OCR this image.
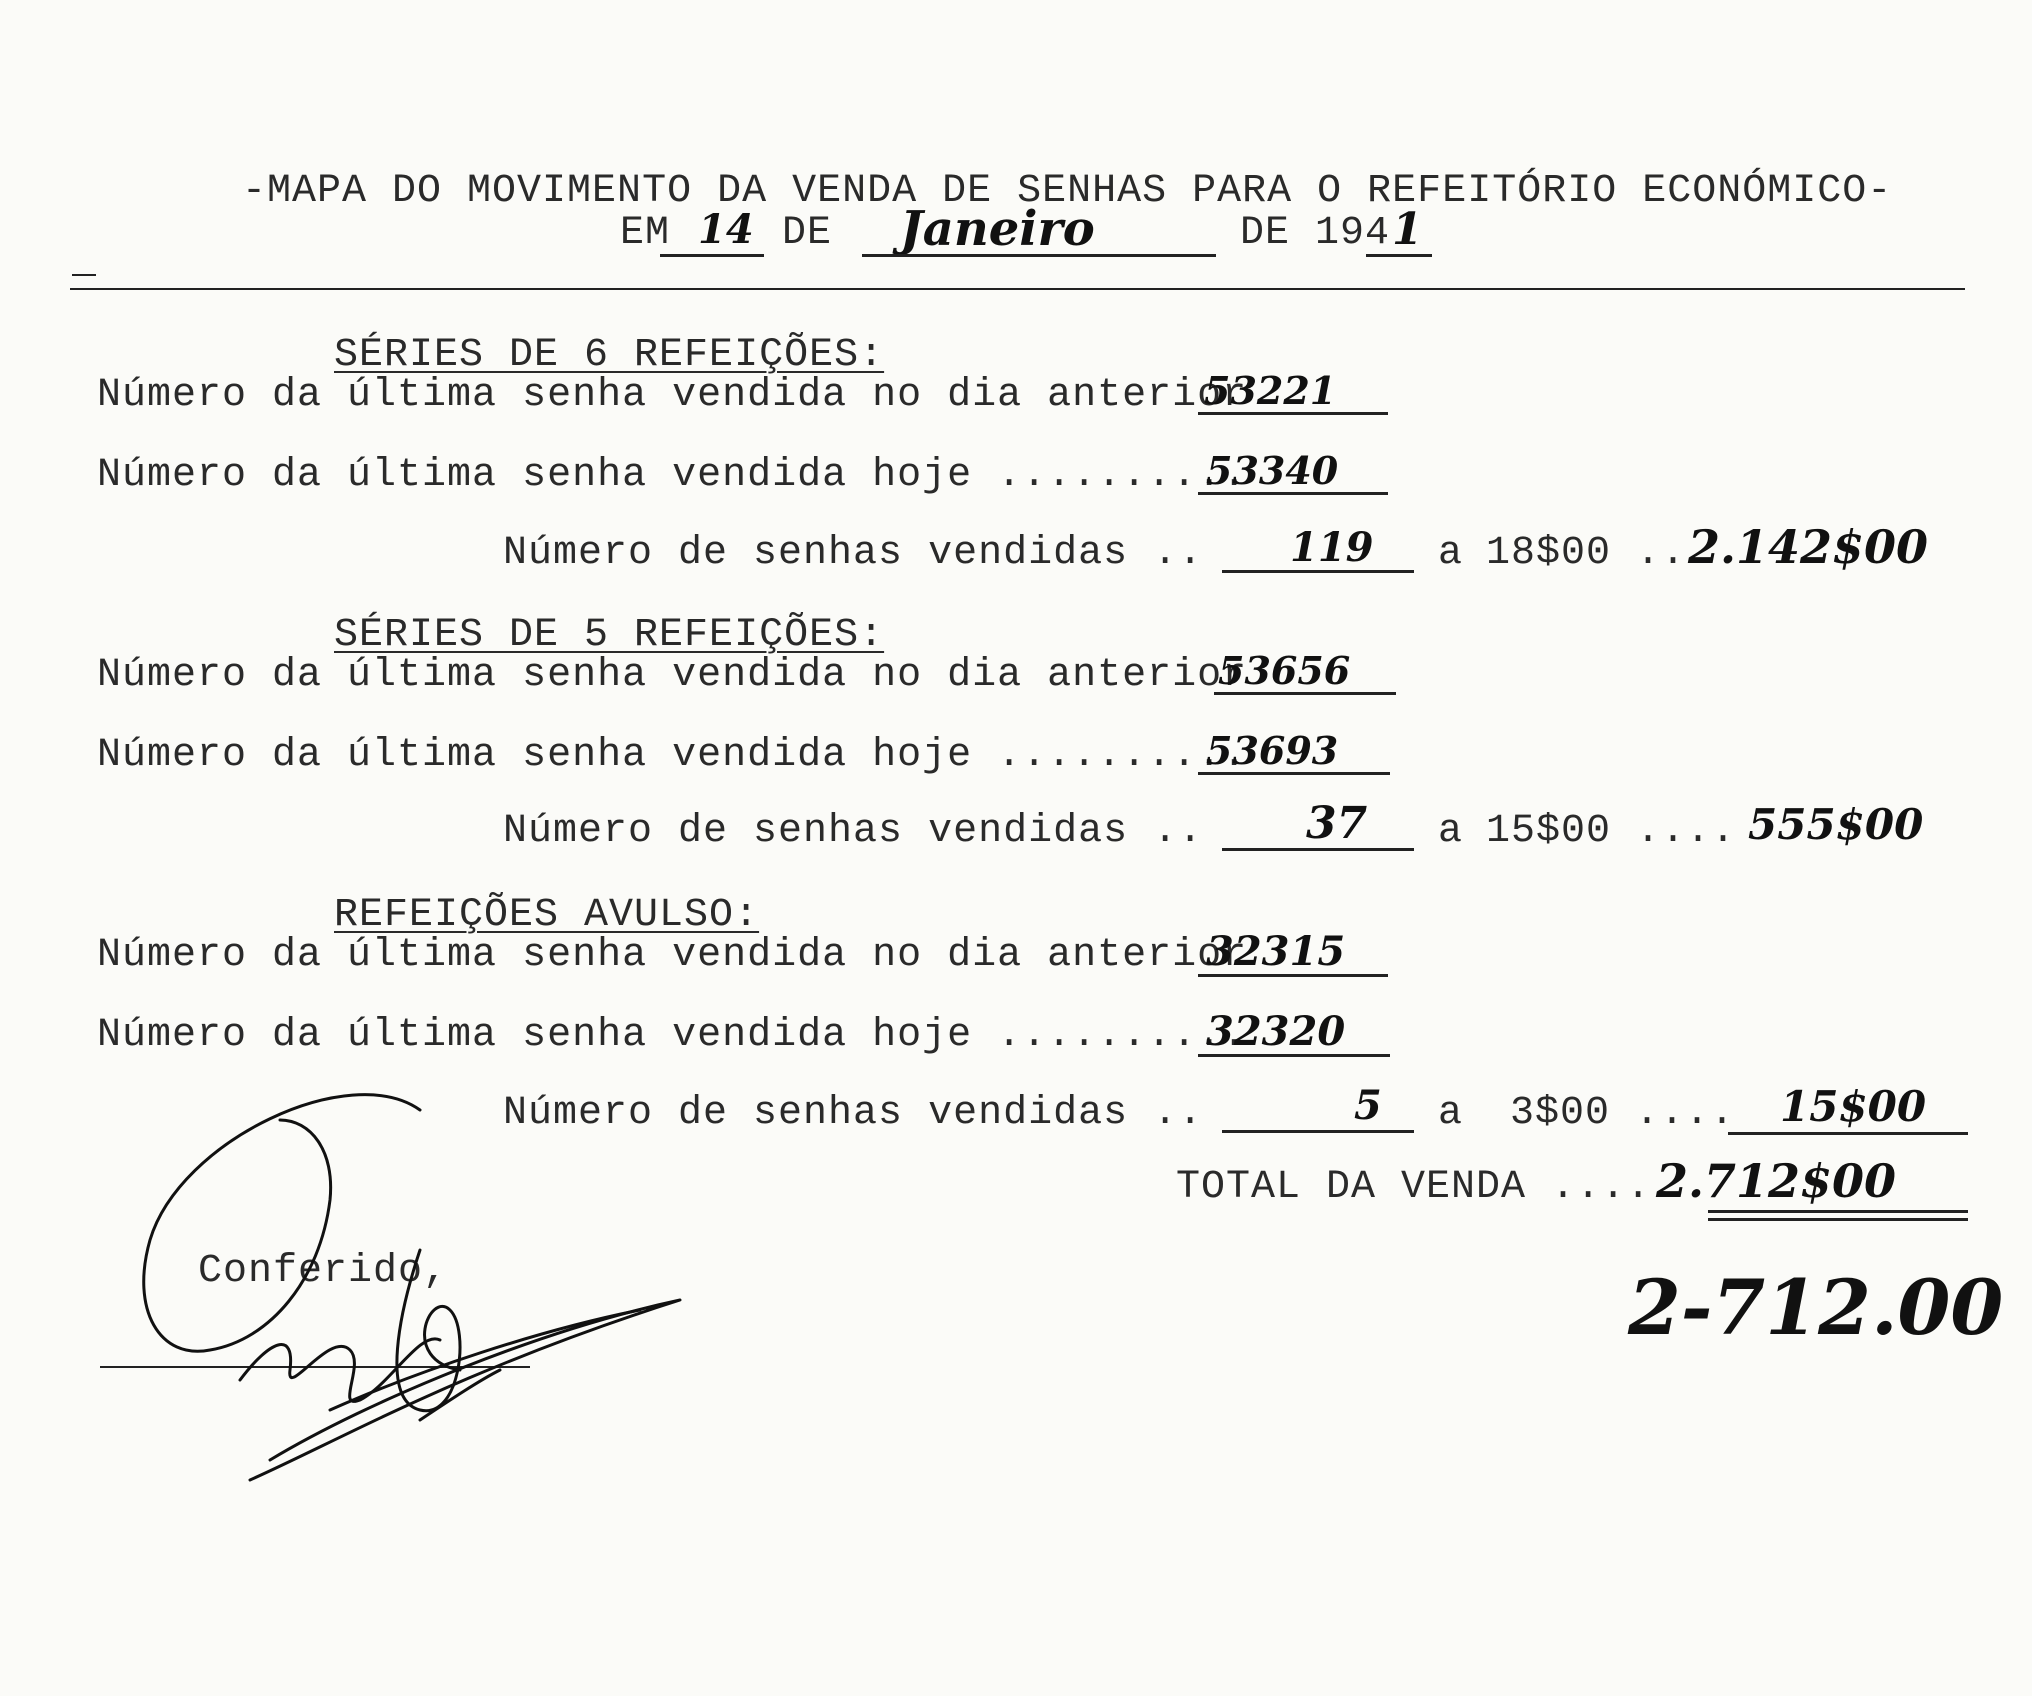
-MAPA DO MOVIMENTO DA VENDA DE SENHAS PARA O REFEITÓRIO ECONÓMICO-
EM 14 DE Janeiro	DE 194 1
SÉRIES DE 6 REFEIÇÕES:
Número da última senha vendida no dia anterior
53221
Número da última senha vendida hoje ..........
53340
Número de senhas vendidas .. 119 a 18$00 .. 2.142$00
SÉRIES DE 5 REFEIÇÕES:
Número da última senha vendida no dia anterior
53656
Número da última senha vendida hoje ..........
53693
Número de senhas vendidas .. 37 a 15$00 .... 555$00
REFEIÇÕES AVULSO:
Número da última senha vendida no dia anterior
32315
Número da última senha vendida hoje ..........
32320
Número de senhas vendidas ..	5 a 3$00 .... 15$00
TOTAL DA VENDA .....
2.712$00
2-712.00
Conferido,
